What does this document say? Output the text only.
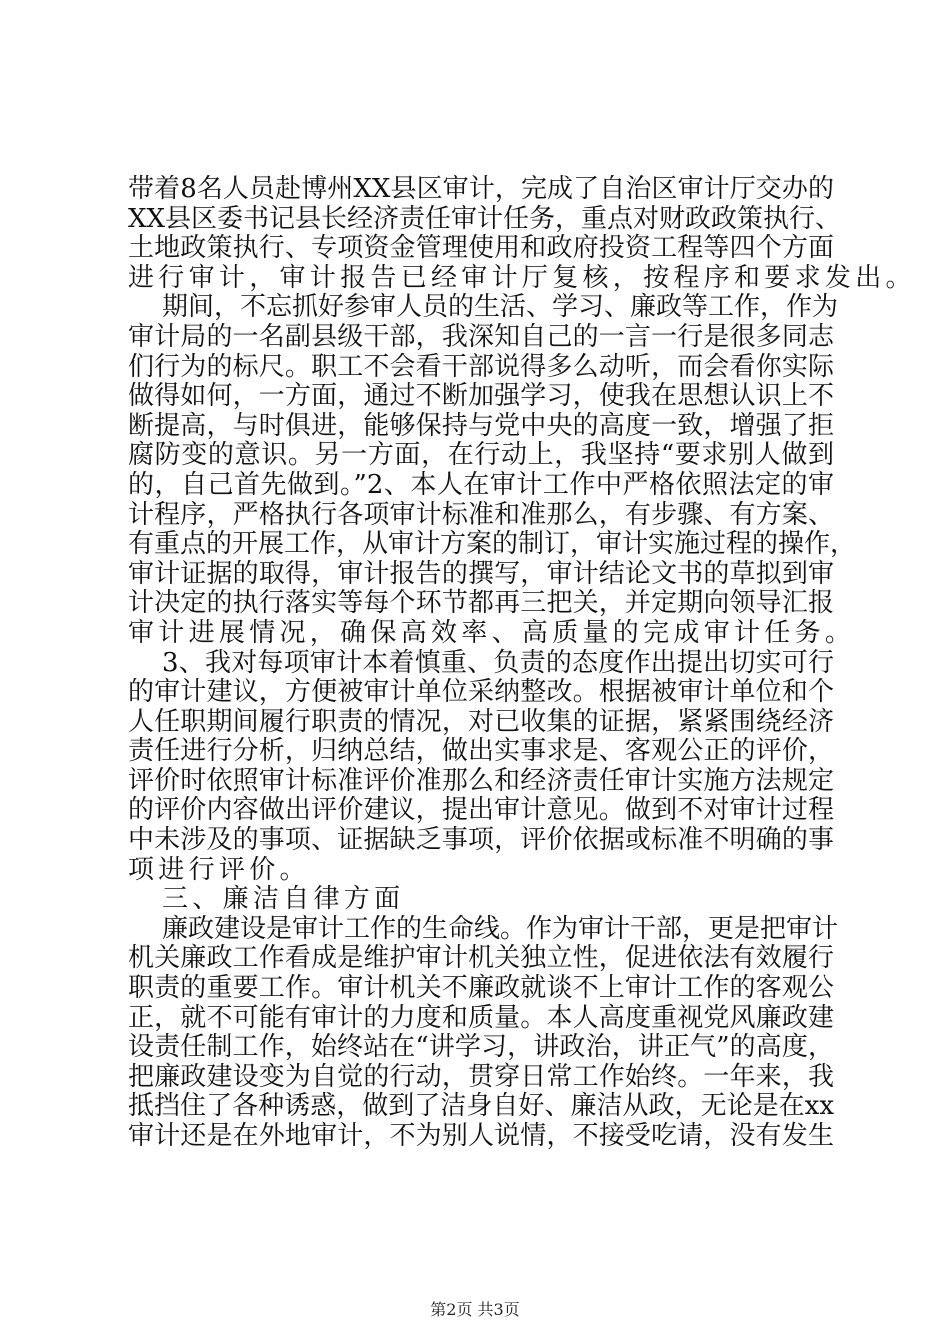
带着8名人员赴博州XX县区审计，完成了自治区审计厅交办的
XX县区委书记县长经济责任审计任务，重点对财政政策执行、
土地政策执行、专项资金管理使用和政府投资工程等四个方面
进行审计，审计报告已经审计厅复核，按程序和要求发出。
期间，不忘抓好参审人员的生活、学习、廉政等工作，作为
审计局的一名副县级干部，我深知自己的一言一行是很多同志
们行为的标尺。职工不会看干部说得多么动听，而会看你实际
做得如何，一方面，通过不断加强学习，使我在思想认识上不
断提高，与时俱进，能够保持与党中央的高度一致，增强了拒
腐防变的意识。另一方面，在行动上，我坚持“要求别人做到
的，自己首先做到。”2、本人在审计工作中严格依照法定的审
计程序，严格执行各项审计标准和准那么，有步骤、有方案、
有重点的开展工作，从审计方案的制订，审计实施过程的操作，
审计证据的取得，审计报告的撰写，审计结论文书的草拟到审
计决定的执行落实等每个环节都再三把关，并定期向领导汇报
审计进展情况，确保高效率、高质量的完成审计任务。
3、我对每项审计本着慎重、负责的态度作出提出切实可行
的审计建议，方便被审计单位采纳整改。根据被审计单位和个
人任职期间履行职责的情况，对已收集的证据，紧紧围绕经济
责任进行分析，归纳总结，做出实事求是、客观公正的评价，
评价时依照审计标准评价准那么和经济责任审计实施方法规定
的评价内容做出评价建议，提出审计意见。做到不对审计过程
中未涉及的事项、证据缺乏事项，评价依据或标准不明确的事
项进行评价。
三、廉洁自律方面
廉政建设是审计工作的生命线。作为审计干部，更是把审计
机关廉政工作看成是维护审计机关独立性，促进依法有效履行
职责的重要工作。审计机关不廉政就谈不上审计工作的客观公
正，就不可能有审计的力度和质量。本人高度重视党风廉政建
设责任制工作，始终站在“讲学习，讲政治，讲正气”的高度，
把廉政建设变为自觉的行动，贯穿日常工作始终。一年来，我
抵挡住了各种诱惑，做到了洁身自好、廉洁从政，无论是在xx
审计还是在外地审计，不为别人说情，不接受吃请，没有发生
第2页 共3页
